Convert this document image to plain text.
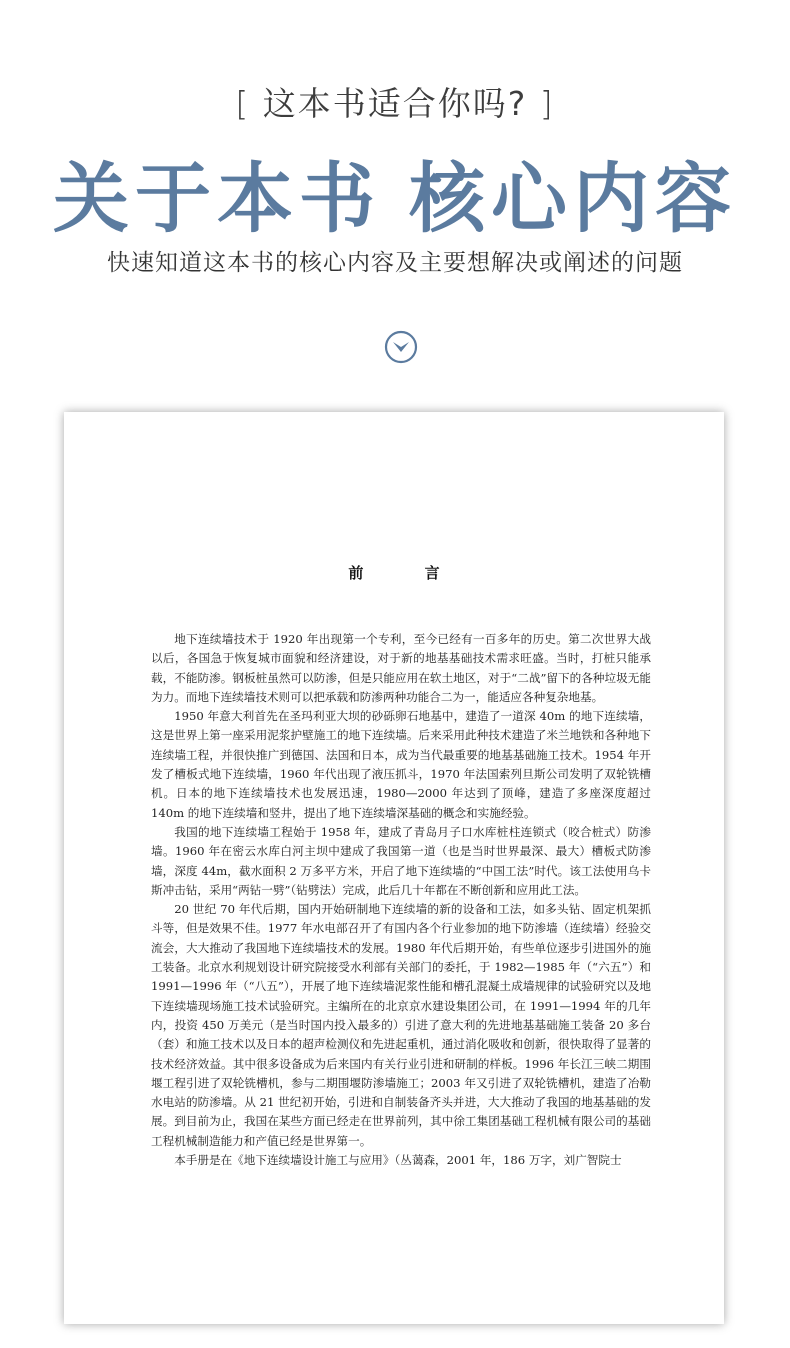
[ 这本书适合你吗? ]
关于本书 核心内容
快速知道这本书的核心内容及主要想解决或阐述的问题
前 言

地下连续墙技术于 1920 年出现第一个专利，至今已经有一百多年的历史。第二次世界大战以后，各国急于恢复城市面貌和经济建设，对于新的地基基础技术需求旺盛。当时，打桩只能承载，不能防渗。钢板桩虽然可以防渗，但是只能应用在软土地区，对于“二战”留下的各种垃圾无能为力。而地下连续墙技术则可以把承载和防渗两种功能合二为一，能适应各种复杂地基。

1950 年意大利首先在圣玛利亚大坝的砂砾卵石地基中，建造了一道深 40m 的地下连续墙，这是世界上第一座采用泥浆护壁施工的地下连续墙。后来采用此种技术建造了米兰地铁和各种地下连续墙工程，并很快推广到德国、法国和日本，成为当代最重要的地基基础施工技术。1954 年开发了槽板式地下连续墙，1960 年代出现了液压抓斗，1970 年法国索列旦斯公司发明了双轮铣槽机。日本的地下连续墙技术也发展迅速，1980—2000 年达到了顶峰，建造了多座深度超过 140m 的地下连续墙和竖井，提出了地下连续墙深基础的概念和实施经验。

我国的地下连续墙工程始于 1958 年，建成了青岛月子口水库桩柱连锁式（咬合桩式）防渗墙。1960 年在密云水库白河主坝中建成了我国第一道（也是当时世界最深、最大）槽板式防渗墙，深度 44m，截水面积 2 万多平方米，开启了地下连续墙的“中国工法”时代。该工法使用乌卡斯冲击钻，采用“两钻一劈”（钻劈法）完成，此后几十年都在不断创新和应用此工法。

20 世纪 70 年代后期，国内开始研制地下连续墙的新的设备和工法，如多头钻、固定机架抓斗等，但是效果不佳。1977 年水电部召开了有国内各个行业参加的地下防渗墙（连续墙）经验交流会，大大推动了我国地下连续墙技术的发展。1980 年代后期开始，有些单位逐步引进国外的施工装备。北京水利规划设计研究院接受水利部有关部门的委托，于 1982—1985 年（“六五”）和 1991—1996 年（“八五”），开展了地下连续墙泥浆性能和槽孔混凝土成墙规律的试验研究以及地下连续墙现场施工技术试验研究。主编所在的北京京水建设集团公司，在 1991—1994 年的几年内，投资 450 万美元（是当时国内投入最多的）引进了意大利的先进地基基础施工装备 20 多台（套）和施工技术以及日本的超声检测仪和先进起重机，通过消化吸收和创新，很快取得了显著的技术经济效益。其中很多设备成为后来国内有关行业引进和研制的样板。1996 年长江三峡二期围堰工程引进了双轮铣槽机，参与二期围堰防渗墙施工；2003 年又引进了双轮铣槽机，建造了冶勒水电站的防渗墙。从 21 世纪初开始，引进和自制装备齐头并进，大大推动了我国的地基基础的发展。到目前为止，我国在某些方面已经走在世界前列，其中徐工集团基础工程机械有限公司的基础工程机械制造能力和产值已经是世界第一。

本手册是在《地下连续墙设计施工与应用》（丛蔼森，2001 年，186 万字，刘广智院士
